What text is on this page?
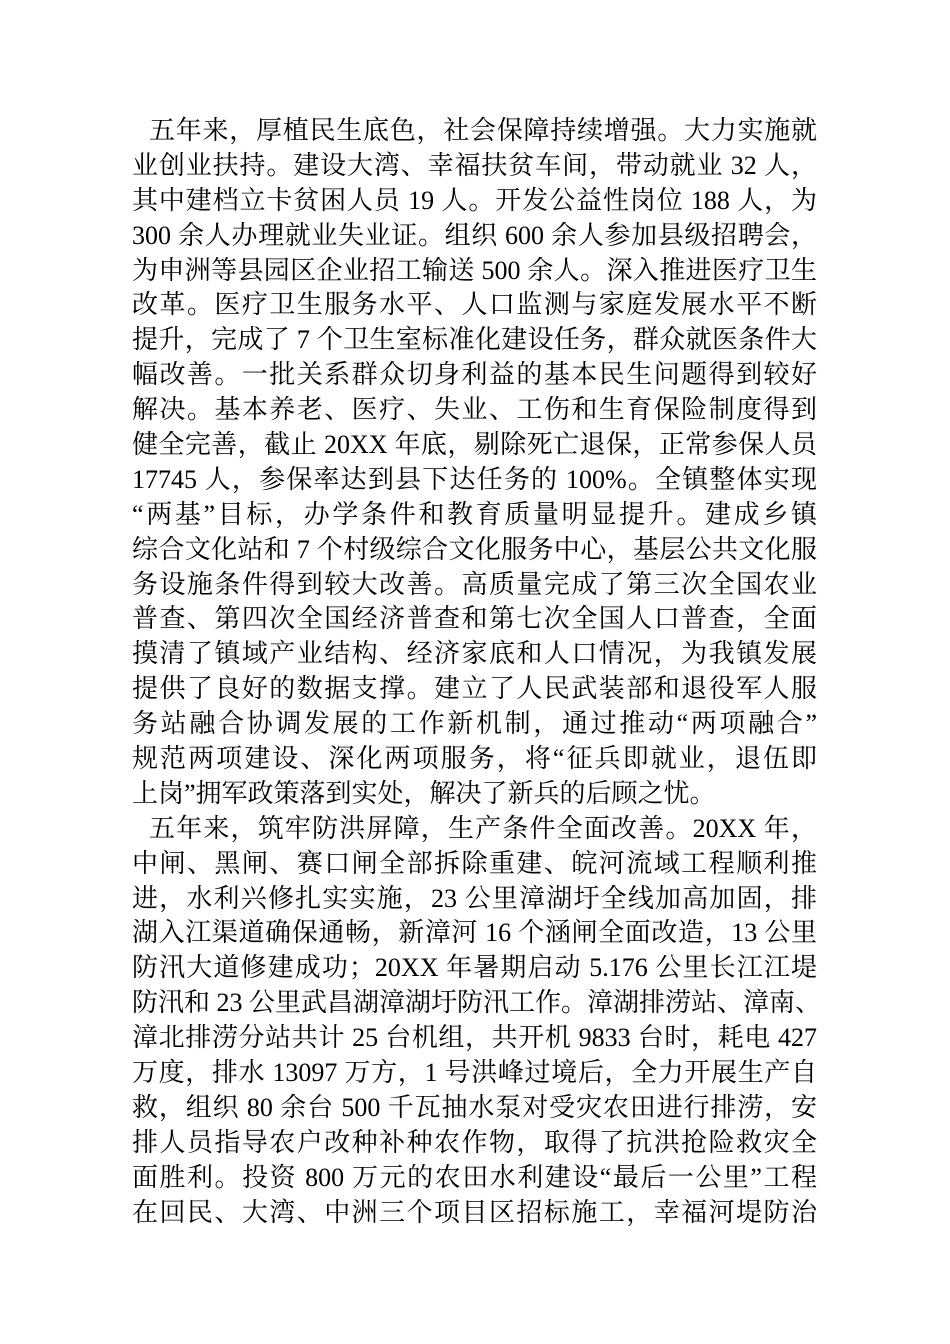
五年来，厚植民生底色，社会保障持续增强。大力实施就
业创业扶持。建设大湾、幸福扶贫车间，带动就业 32 人，
其中建档立卡贫困人员 19 人。开发公益性岗位 188 人，为
300 余人办理就业失业证。组织 600 余人参加县级招聘会，
为申洲等县园区企业招工输送 500 余人。深入推进医疗卫生
改革。医疗卫生服务水平、人口监测与家庭发展水平不断
提升，完成了 7 个卫生室标准化建设任务，群众就医条件大
幅改善。一批关系群众切身利益的基本民生问题得到较好
解决。基本养老、医疗、失业、工伤和生育保险制度得到
健全完善，截止 20XX 年底，剔除死亡退保，正常参保人员
17745 人，参保率达到县下达任务的 100%。全镇整体实现
“两基”目标，办学条件和教育质量明显提升。建成乡镇
综合文化站和 7 个村级综合文化服务中心，基层公共文化服
务设施条件得到较大改善。高质量完成了第三次全国农业
普查、第四次全国经济普查和第七次全国人口普查，全面
摸清了镇域产业结构、经济家底和人口情况，为我镇发展
提供了良好的数据支撑。建立了人民武装部和退役军人服
务站融合协调发展的工作新机制，通过推动“两项融合”
规范两项建设、深化两项服务，将“征兵即就业，退伍即
上岗”拥军政策落到实处，解决了新兵的后顾之忧。
五年来，筑牢防洪屏障，生产条件全面改善。20XX 年，
中闸、黑闸、赛口闸全部拆除重建、皖河流域工程顺利推
进，水利兴修扎实实施，23 公里漳湖圩全线加高加固，排
湖入江渠道确保通畅，新漳河 16 个涵闸全面改造，13 公里
防汛大道修建成功；20XX 年暑期启动 5.176 公里长江江堤
防汛和 23 公里武昌湖漳湖圩防汛工作。漳湖排涝站、漳南、
漳北排涝分站共计 25 台机组，共开机 9833 台时，耗电 427
万度，排水 13097 万方，1 号洪峰过境后，全力开展生产自
救，组织 80 余台 500 千瓦抽水泵对受灾农田进行排涝，安
排人员指导农户改种补种农作物，取得了抗洪抢险救灾全
面胜利。投资 800 万元的农田水利建设“最后一公里”工程
在回民、大湾、中洲三个项目区招标施工，幸福河堤防治
